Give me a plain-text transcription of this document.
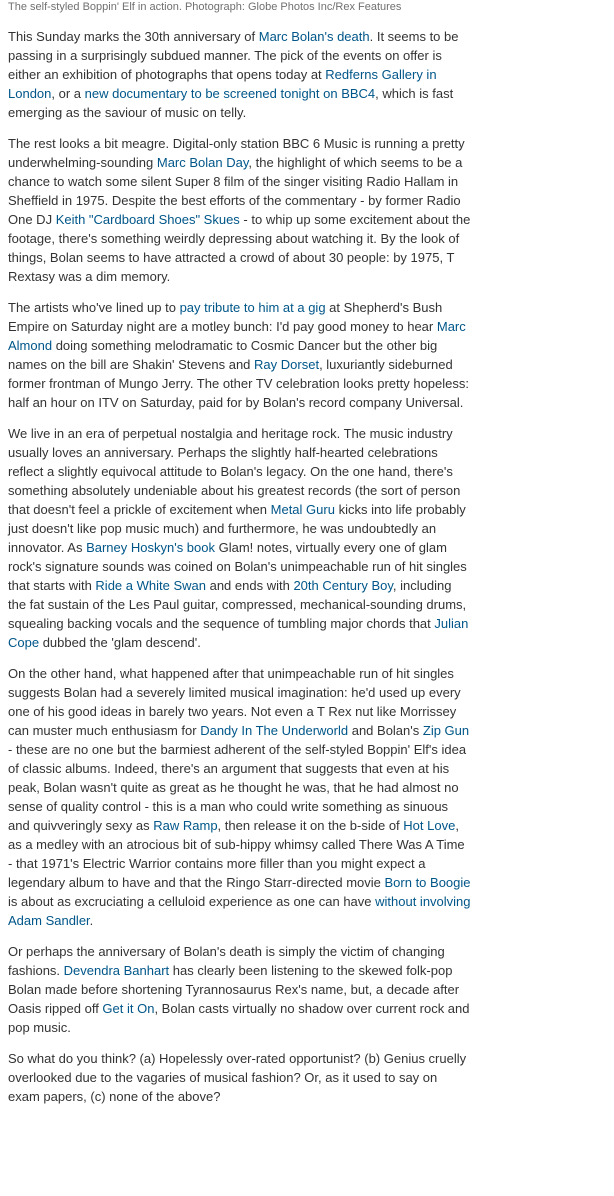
The self-styled Boppin' Elf in action. Photograph: Globe Photos Inc/Rex Features

This Sunday marks the 30th anniversary of Marc Bolan's death. It seems to be passing in a surprisingly subdued manner. The pick of the events on offer is either an exhibition of photographs that opens today at Redferns Gallery in London, or a new documentary to be screened tonight on BBC4, which is fast emerging as the saviour of music on telly.

The rest looks a bit meagre. Digital-only station BBC 6 Music is running a pretty underwhelming-sounding Marc Bolan Day, the highlight of which seems to be a chance to watch some silent Super 8 film of the singer visiting Radio Hallam in Sheffield in 1975. Despite the best efforts of the commentary - by former Radio One DJ Keith "Cardboard Shoes" Skues - to whip up some excitement about the footage, there's something weirdly depressing about watching it. By the look of things, Bolan seems to have attracted a crowd of about 30 people: by 1975, T Rextasy was a dim memory.

The artists who've lined up to pay tribute to him at a gig at Shepherd's Bush Empire on Saturday night are a motley bunch: I'd pay good money to hear Marc Almond doing something melodramatic to Cosmic Dancer but the other big names on the bill are Shakin' Stevens and Ray Dorset, luxuriantly sideburned former frontman of Mungo Jerry. The other TV celebration looks pretty hopeless: half an hour on ITV on Saturday, paid for by Bolan's record company Universal.

We live in an era of perpetual nostalgia and heritage rock. The music industry usually loves an anniversary. Perhaps the slightly half-hearted celebrations reflect a slightly equivocal attitude to Bolan's legacy. On the one hand, there's something absolutely undeniable about his greatest records (the sort of person that doesn't feel a prickle of excitement when Metal Guru kicks into life probably just doesn't like pop music much) and furthermore, he was undoubtedly an innovator. As Barney Hoskyn's book Glam! notes, virtually every one of glam rock's signature sounds was coined on Bolan's unimpeachable run of hit singles that starts with Ride a White Swan and ends with 20th Century Boy, including the fat sustain of the Les Paul guitar, compressed, mechanical-sounding drums, squealing backing vocals and the sequence of tumbling major chords that Julian Cope dubbed the 'glam descend'.

On the other hand, what happened after that unimpeachable run of hit singles suggests Bolan had a severely limited musical imagination: he'd used up every one of his good ideas in barely two years. Not even a T Rex nut like Morrissey can muster much enthusiasm for Dandy In The Underworld and Bolan's Zip Gun - these are no one but the barmiest adherent of the self-styled Boppin' Elf's idea of classic albums. Indeed, there's an argument that suggests that even at his peak, Bolan wasn't quite as great as he thought he was, that he had almost no sense of quality control - this is a man who could write something as sinuous and quivveringly sexy as Raw Ramp, then release it on the b-side of Hot Love, as a medley with an atrocious bit of sub-hippy whimsy called There Was A Time - that 1971's Electric Warrior contains more filler than you might expect a legendary album to have and that the Ringo Starr-directed movie Born to Boogie is about as excruciating a celluloid experience as one can have without involving Adam Sandler.

Or perhaps the anniversary of Bolan's death is simply the victim of changing fashions. Devendra Banhart has clearly been listening to the skewed folk-pop Bolan made before shortening Tyrannosaurus Rex's name, but, a decade after Oasis ripped off Get it On, Bolan casts virtually no shadow over current rock and pop music.

So what do you think? (a) Hopelessly over-rated opportunist? (b) Genius cruelly overlooked due to the vagaries of musical fashion? Or, as it used to say on exam papers, (c) none of the above?
